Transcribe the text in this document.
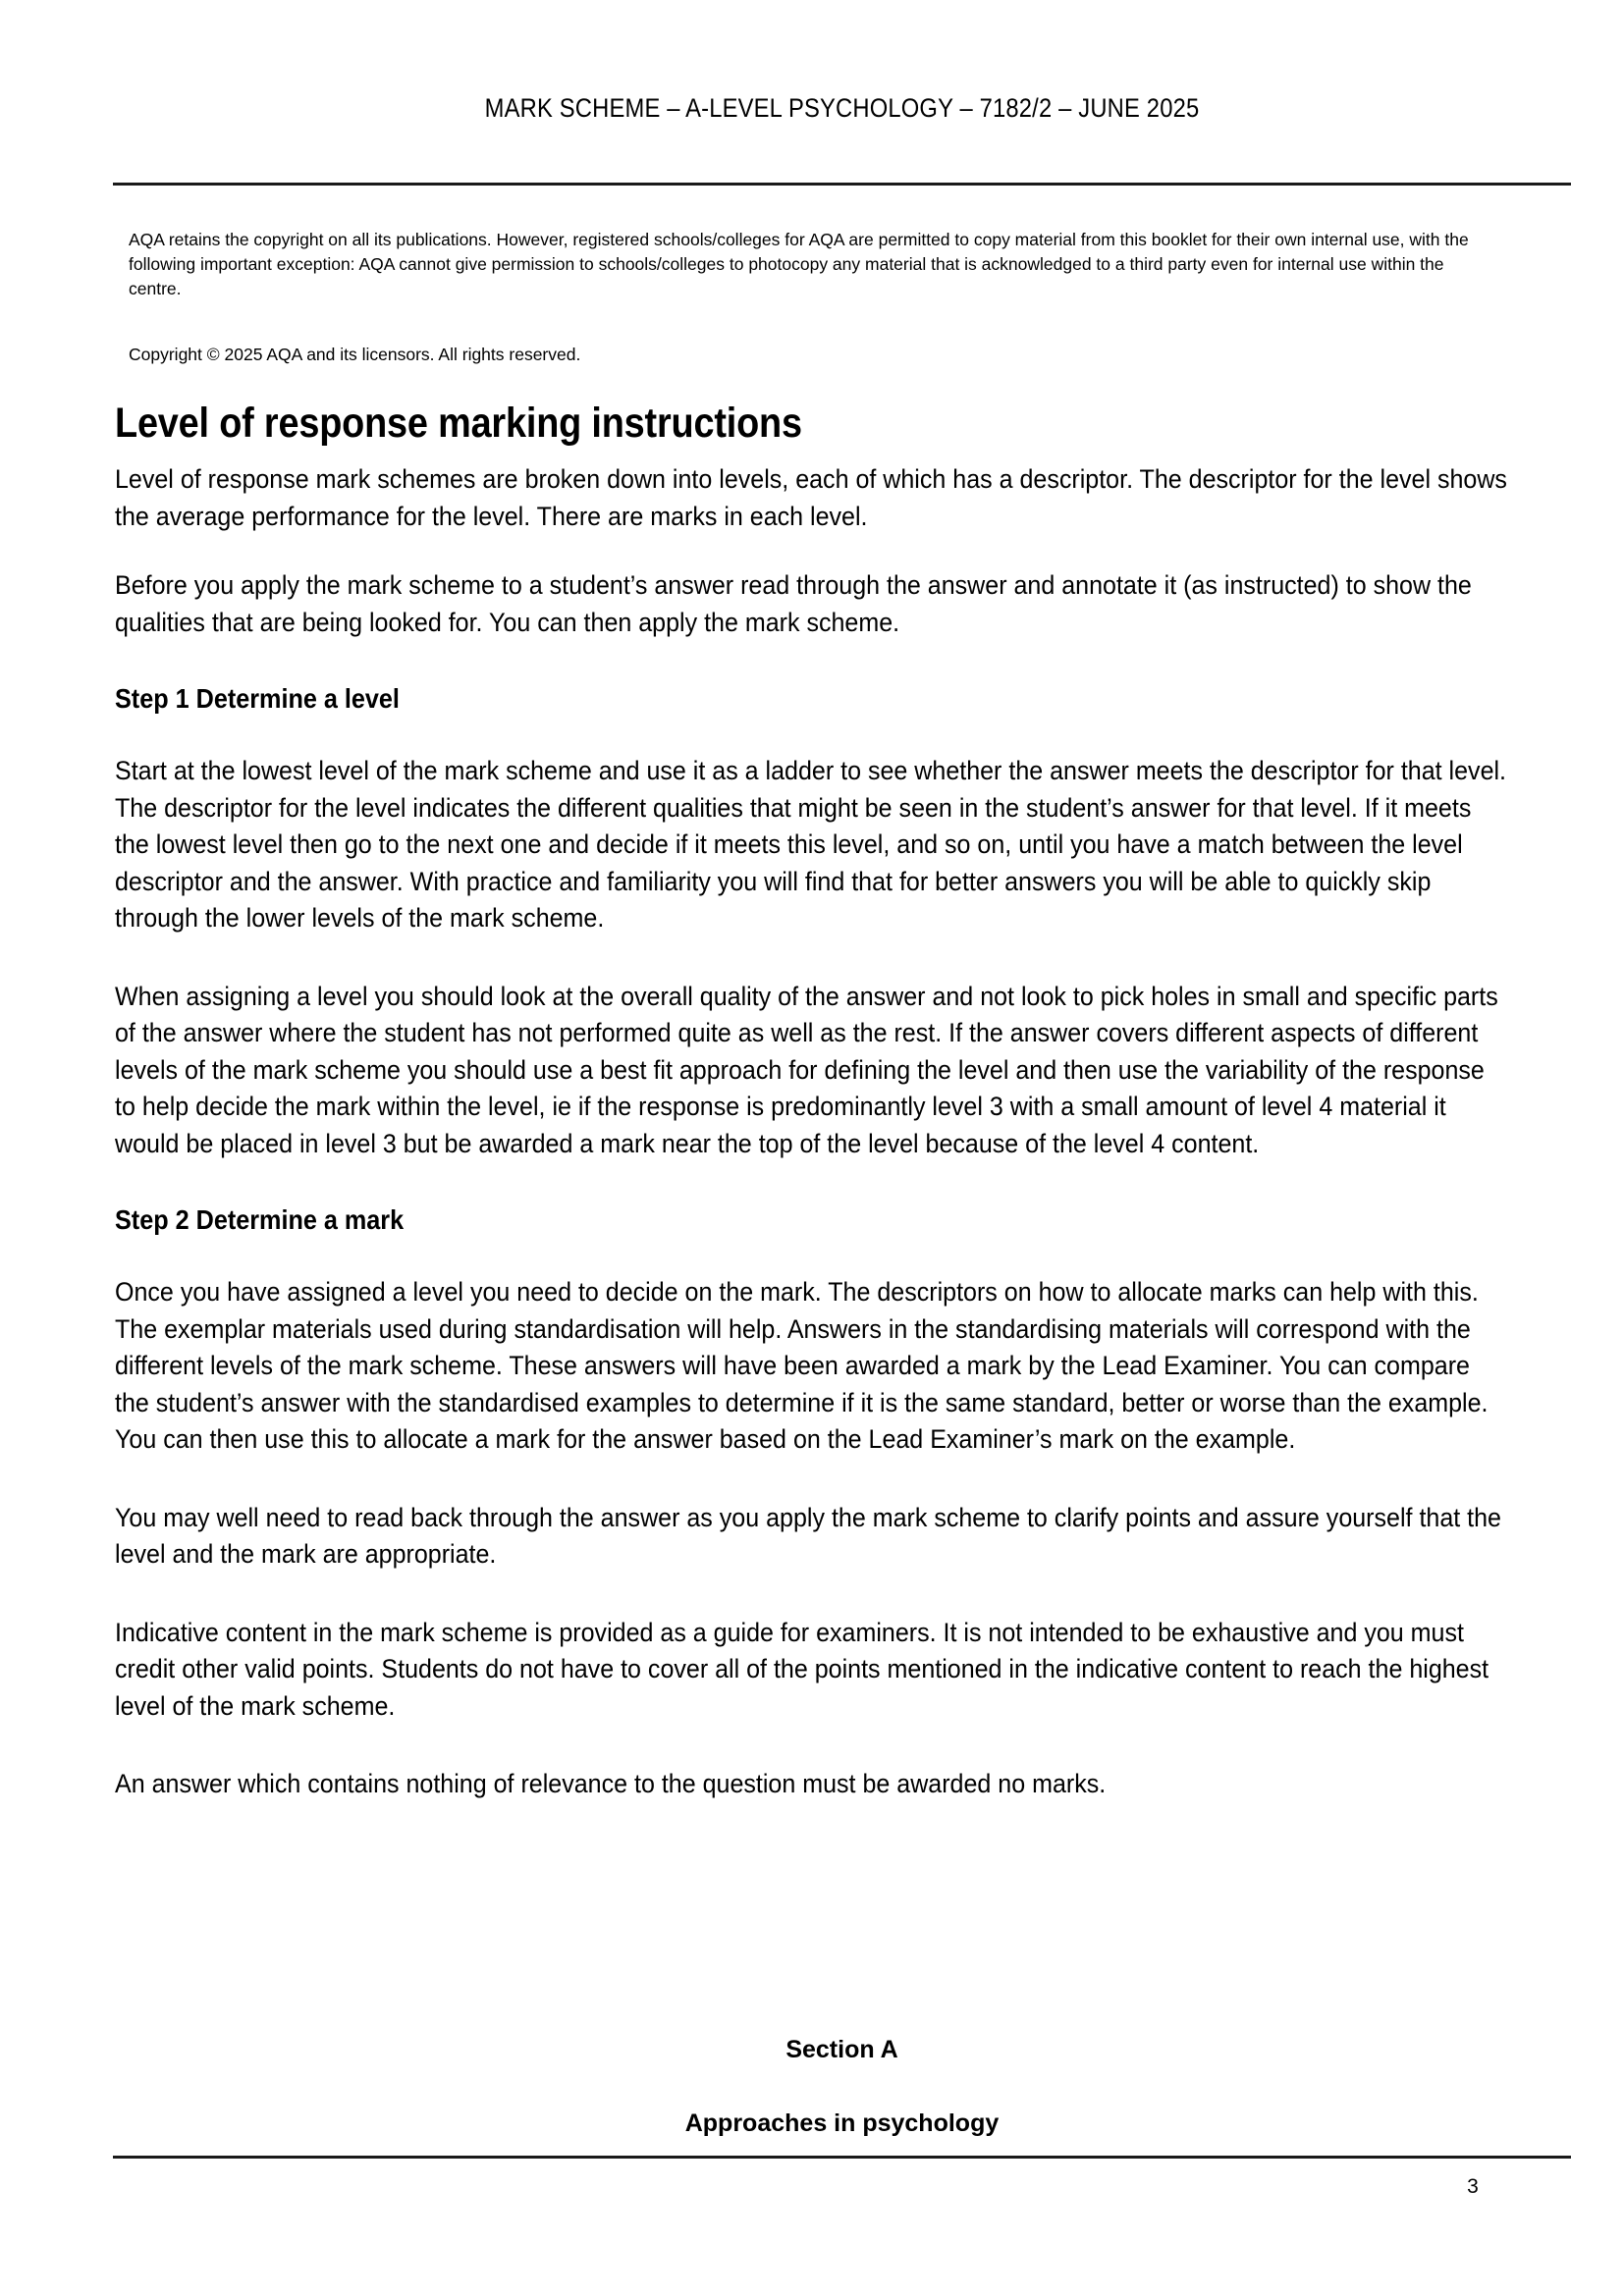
MARK SCHEME – A-LEVEL PSYCHOLOGY – 7182/2 – JUNE 2025
AQA retains the copyright on all its publications. However, registered schools/colleges for AQA are permitted to copy material from this booklet for their own internal use, with the following important exception: AQA cannot give permission to schools/colleges to photocopy any material that is acknowledged to a third party even for internal use within the centre.
Copyright © 2025 AQA and its licensors. All rights reserved.
Level of response marking instructions

Level of response mark schemes are broken down into levels, each of which has a descriptor. The descriptor for the level shows the average performance for the level. There are marks in each level.

Before you apply the mark scheme to a student’s answer read through the answer and annotate it (as instructed) to show the qualities that are being looked for. You can then apply the mark scheme.

Step 1 Determine a level

Start at the lowest level of the mark scheme and use it as a ladder to see whether the answer meets the descriptor for that level. The descriptor for the level indicates the different qualities that might be seen in the student’s answer for that level. If it meets the lowest level then go to the next one and decide if it meets this level, and so on, until you have a match between the level descriptor and the answer. With practice and familiarity you will find that for better answers you will be able to quickly skip through the lower levels of the mark scheme.

When assigning a level you should look at the overall quality of the answer and not look to pick holes in small and specific parts of the answer where the student has not performed quite as well as the rest. If the answer covers different aspects of different levels of the mark scheme you should use a best fit approach for defining the level and then use the variability of the response to help decide the mark within the level, ie if the response is predominantly level 3 with a small amount of level 4 material it would be placed in level 3 but be awarded a mark near the top of the level because of the level 4 content.

Step 2 Determine a mark

Once you have assigned a level you need to decide on the mark. The descriptors on how to allocate marks can help with this. The exemplar materials used during standardisation will help. Answers in the standardising materials will correspond with the different levels of the mark scheme. These answers will have been awarded a mark by the Lead Examiner. You can compare the student’s answer with the standardised examples to determine if it is the same standard, better or worse than the example. You can then use this to allocate a mark for the answer based on the Lead Examiner’s mark on the example.

You may well need to read back through the answer as you apply the mark scheme to clarify points and assure yourself that the level and the mark are appropriate.

Indicative content in the mark scheme is provided as a guide for examiners. It is not intended to be exhaustive and you must credit other valid points. Students do not have to cover all of the points mentioned in the indicative content to reach the highest level of the mark scheme.

An answer which contains nothing of relevance to the question must be awarded no marks.

Section A
Approaches in psychology
3
